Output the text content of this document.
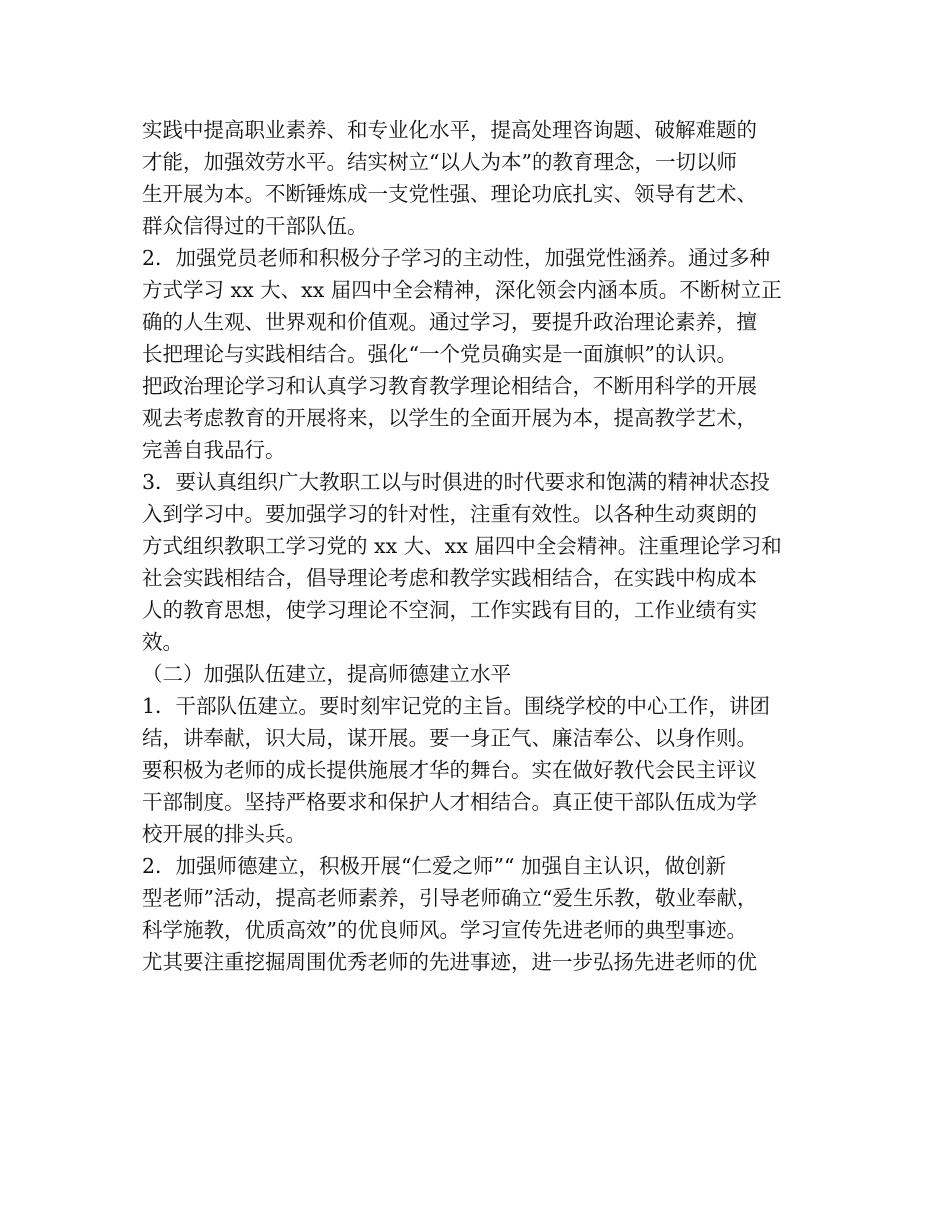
实践中提高职业素养、和专业化水平，提高处理咨询题、破解难题的

才能，加强效劳水平。结实树立“以人为本”的教育理念，一切以师

生开展为本。不断锤炼成一支党性强、理论功底扎实、领导有艺术、

群众信得过的干部队伍。

2．加强党员老师和积极分子学习的主动性，加强党性涵养。通过多种

方式学习 xx 大、xx 届四中全会精神，深化领会内涵本质。不断树立正

确的人生观、世界观和价值观。通过学习，要提升政治理论素养，擅

长把理论与实践相结合。强化“一个党员确实是一面旗帜”的认识。

把政治理论学习和认真学习教育教学理论相结合，不断用科学的开展

观去考虑教育的开展将来，以学生的全面开展为本，提高教学艺术，

完善自我品行。

3．要认真组织广大教职工以与时俱进的时代要求和饱满的精神状态投

入到学习中。要加强学习的针对性，注重有效性。以各种生动爽朗的

方式组织教职工学习党的 xx 大、xx 届四中全会精神。注重理论学习和

社会实践相结合，倡导理论考虑和教学实践相结合，在实践中构成本

人的教育思想，使学习理论不空洞，工作实践有目的，工作业绩有实

效。

（二）加强队伍建立，提高师德建立水平

1．干部队伍建立。要时刻牢记党的主旨。围绕学校的中心工作，讲团

结，讲奉献，识大局，谋开展。要一身正气、廉洁奉公、以身作则。

要积极为老师的成长提供施展才华的舞台。实在做好教代会民主评议

干部制度。坚持严格要求和保护人才相结合。真正使干部队伍成为学

校开展的排头兵。

2．加强师德建立，积极开展“仁爱之师”“ 加强自主认识，做创新

型老师”活动，提高老师素养，引导老师确立“爱生乐教，敬业奉献，

科学施教，优质高效”的优良师风。学习宣传先进老师的典型事迹。

尤其要注重挖掘周围优秀老师的先进事迹，进一步弘扬先进老师的优
